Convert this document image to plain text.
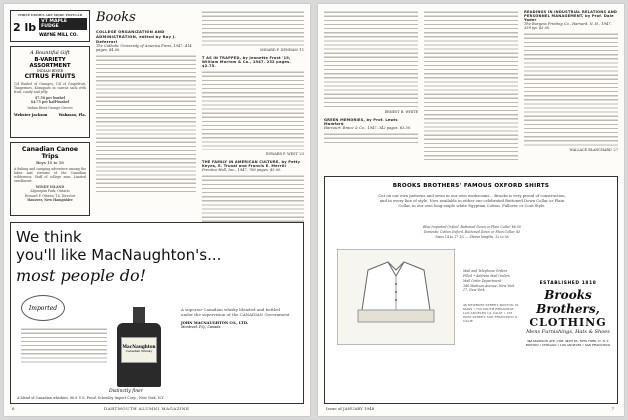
THREE DISHES ARE MORE POPULAR
2 lb	VT MAPLE FUDGE
WAYNE MILL CO.
A Bountiful Gift
B-VARIETY ASSORTMENT
INDIAN RIVER
CITRUS FRUITS
1/4 Bushel of Oranges, 1/4 of Grapefruit, Tangerines, Kumquats in canvas sack with fruit, candy and jelly.
$7.50 per bushel
$4.75 per half-bushel
Indian River Orange Groves
Webster Jackson	Wabasso, Fla.
Canadian Canoe Trips
Boys 10 to 18
A fishing and camping adventure among the lakes and streams of the Canadian wilderness. Staff of college men. Limited enrollment.
WINDY ISLAND
Algonquin Park, Ontario
Howard P. Ottawa '16, Director
Hanover, New Hampshire
Books
COLLEGE ORGANIZATION AND ADMINISTRATION, edited by Roy J. Deferrari
The Catholic University of America Press, 1947. 414 pages. $4.00.	MINARD F. DENHAM '11
T AS IN TRAPPED, by Jeanette Frost '19, William Morrow & Co., 1947. 232 pages. $2.75.
EDWARD F. WEST '23
THE FAMILY IN AMERICAN CULTURE, by Petty Keyes, E. Truxal and Francis E. Merrill
Prentice-Hall, Inc., 1947. 780 pages. $5.00.
We think
you'll like MacNaughton's...
most people do!
Imported
MacNaughton
Canadian Whisky
Distinctly finer
A superior Canadian whisky blended and bottled under the supervision of the CANADIAN Government
JOHN MACNAUGHTON CO., LTD.
Montreal, P.Q., Canada
A blend of Canadian whiskies, 86.8 U.S. Proof. Schenley Import Corp., New York, N.Y.
6	DARTMOUTH ALUMNI MAGAZINE
ERNEST B. WHITE
GREEN MEMORIES, by Prof. Lewis Mumford
Harcourt, Brace & Co., 1947. 342 pages. $3.50.
READINGS IN INDUSTRIAL RELATIONS AND PERSONNEL MANAGEMENT, by Prof. Dale Yoder
The Burgess Printing Co., Harvard, N. H., 1947. 339 pp. $3.50.
WALLACE BLANCHARD '27
BROOKS BROTHERS' FAMOUS OXFORD SHIRTS
Cut on our own patterns and sewn in our own workrooms... Brooks is very proud of construction, and in every line of style, Now available in either our celebrated Buttoned Down Collar or Plain Collar, in our own long-staple white Egyptian Cotton, Pullover or Coat Style.
Blue Imported Oxford, Buttoned Down or Plain Collar, $6.50
Domestic Cotton Oxford, Buttoned Down or Plain Collar, $5
Sizes 14 to 17 1/2 — Sleeve lengths, 32 to 36
Mail and Telephone Orders
Filled • Address Mail Orders
Mail Order Department
346 Madison Avenue, New York 17, New York
46 NEWBURY STREET, BOSTON 16, MASS • 730 SOUTH BROADWAY, LOS ANGELES 14, CALIF. • 165 POST STREET, SAN FRANCISCO 8, CALIF.
ESTABLISHED 1818
Brooks Brothers,
CLOTHING
Mens Furnishings, Hats & Shoes
346 MADISON AVE. COR. 44TH ST., NEW YORK 17, N. Y.
BOSTON • CHICAGO • LOS ANGELES • SAN FRANCISCO
Issue of JANUARY 1948	7
